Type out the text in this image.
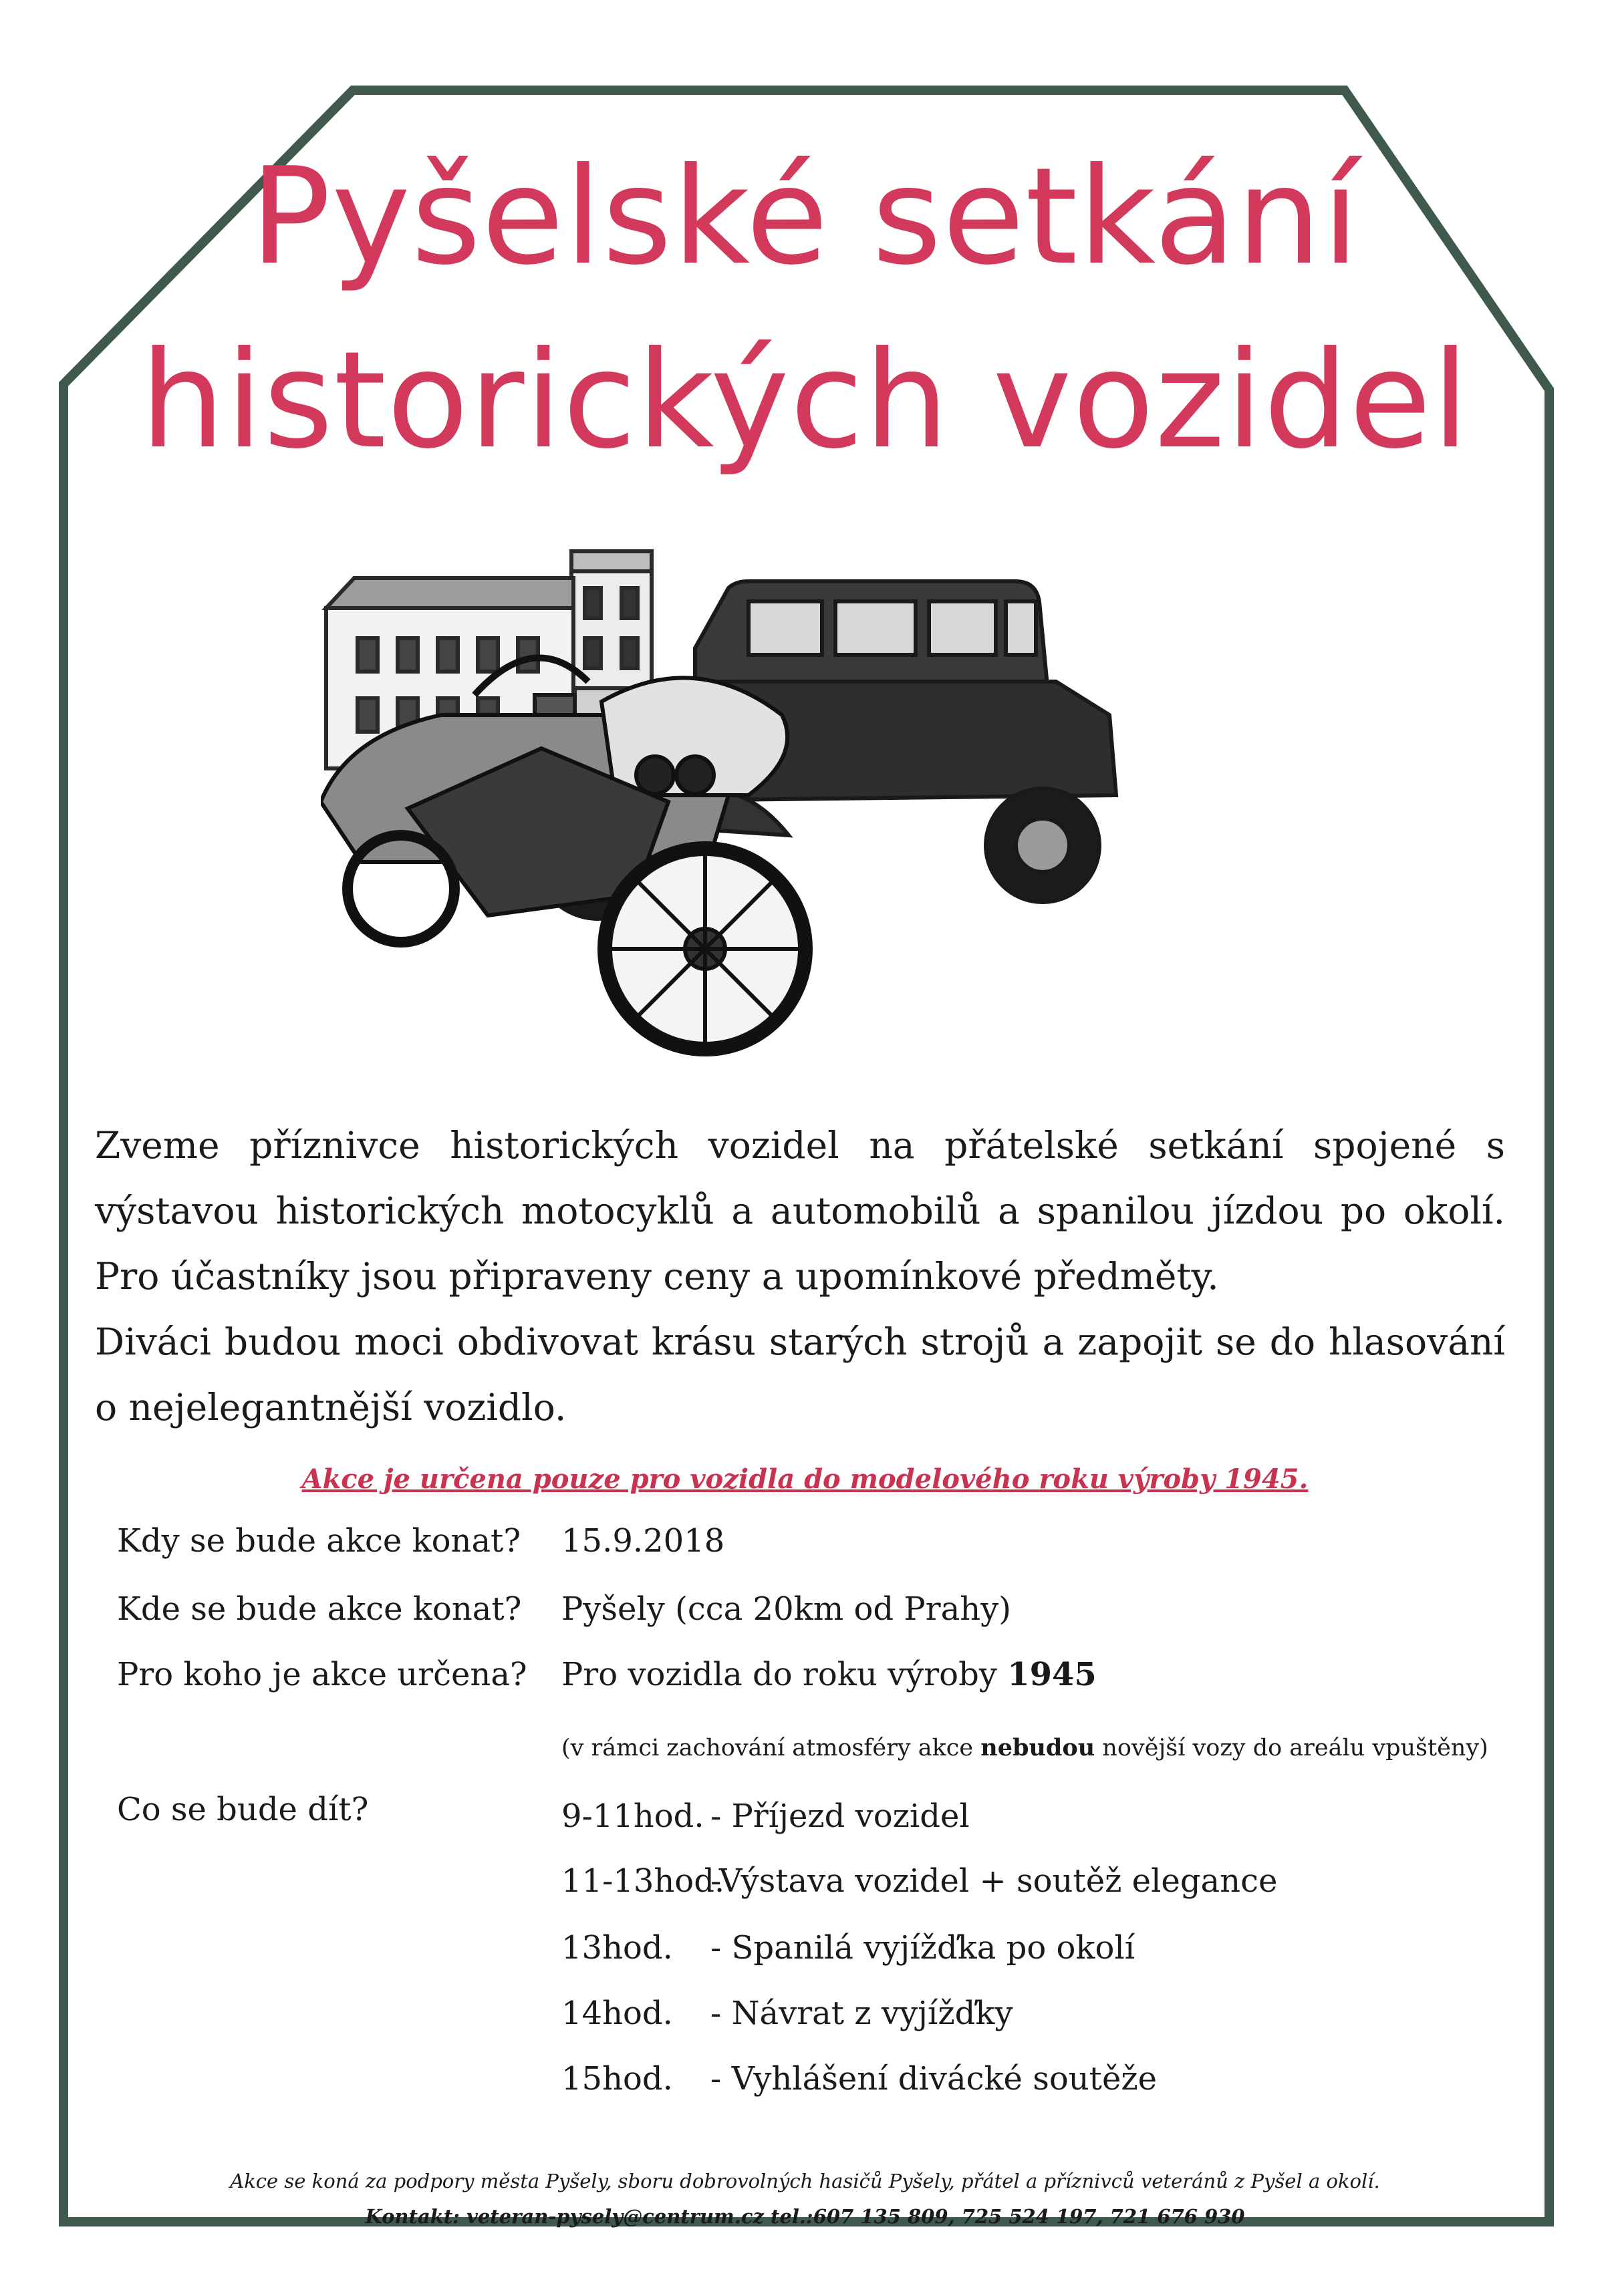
Pyšelské setkání
historických vozidel

Zveme příznivce historických vozidel na přátelské setkání spojené s výstavou historických motocyklů a automobilů a spanilou jízdou po okolí. Pro účastníky jsou připraveny ceny a upomínkové předměty.

Diváci budou moci obdivovat krásu starých strojů a zapojit se do hlasování o nejelegantnější vozidlo.

Akce je určena pouze pro vozidla do modelového roku výroby 1945.
Kdy se bude akce konat? 15.9.2018
Kde se bude akce konat? Pyšely (cca 20km od Prahy)
Pro koho je akce určena? Pro vozidla do roku výroby 1945
(v rámci zachování atmosféry akce nebudou novější vozy do areálu vpuštěny)
Co se bude dít?	9-11hod. - Příjezd vozidel
11-13hod.
-Výstava vozidel + soutěž elegance
13hod. - Spanilá vyjížďka po okolí
14hod. - Návrat z vyjížďky
15hod. - Vyhlášení divácké soutěže
Akce se koná za podpory města Pyšely, sboru dobrovolných hasičů Pyšely, přátel a příznivců veteránů z Pyšel a okolí.
Kontakt: veteran-pysely@centrum.cz tel.:607 135 809, 725 524 197, 721 676 930
